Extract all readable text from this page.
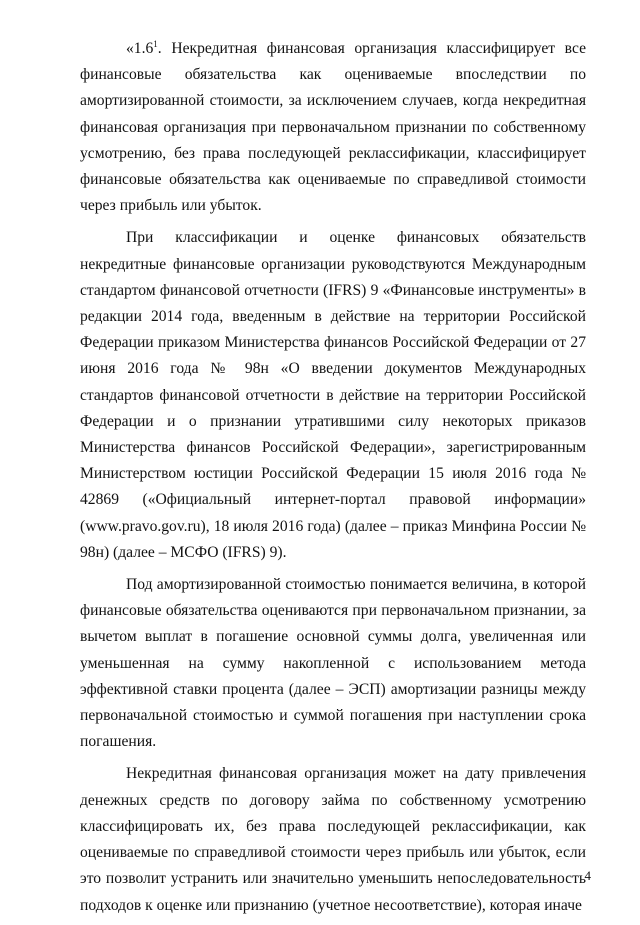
«$1.6^1$. Некредитная финансовая организация классифицирует все финансовые обязательства как оцениваемые впоследствии по амортизированной стоимости, за исключением случаев, когда некредитная финансовая организация при первоначальном признании по собственному усмотрению, без права последующей реклассификации, классифицирует финансовые обязательства как оцениваемые по справедливой стоимости через прибыль или убыток.

При классификации и оценке финансовых обязательств некредитные финансовые организации руководствуются Международным стандартом финансовой отчетности (IFRS) 9 «Финансовые инструменты» в редакции 2014 года, введенным в действие на территории Российской Федерации приказом Министерства финансов Российской Федерации от 27 июня 2016 года № 98н «О введении документов Международных стандартов финансовой отчетности в действие на территории Российской Федерации и о признании утратившими силу некоторых приказов Министерства финансов Российской Федерации», зарегистрированным Министерством юстиции Российской Федерации 15 июля 2016 года № 42869 («Официальный интернет-портал правовой информации» (www.pravo.gov.ru), 18 июля 2016 года) (далее – приказ Минфина России № 98н) (далее – МСФО (IFRS) 9).

Под амортизированной стоимостью понимается величина, в которой финансовые обязательства оцениваются при первоначальном признании, за вычетом выплат в погашение основной суммы долга, увеличенная или уменьшенная на сумму накопленной с использованием метода эффективной ставки процента (далее – ЭСП) амортизации разницы между первоначальной стоимостью и суммой погашения при наступлении срока погашения.

Некредитная финансовая организация может на дату привлечения денежных средств по договору займа по собственному усмотрению классифицировать их, без права последующей реклассификации, как оцениваемые по справедливой стоимости через прибыль или убыток, если это позволит устранить или значительно уменьшить непоследовательность подходов к оценке или признанию (учетное несоответствие), которая иначе

4
